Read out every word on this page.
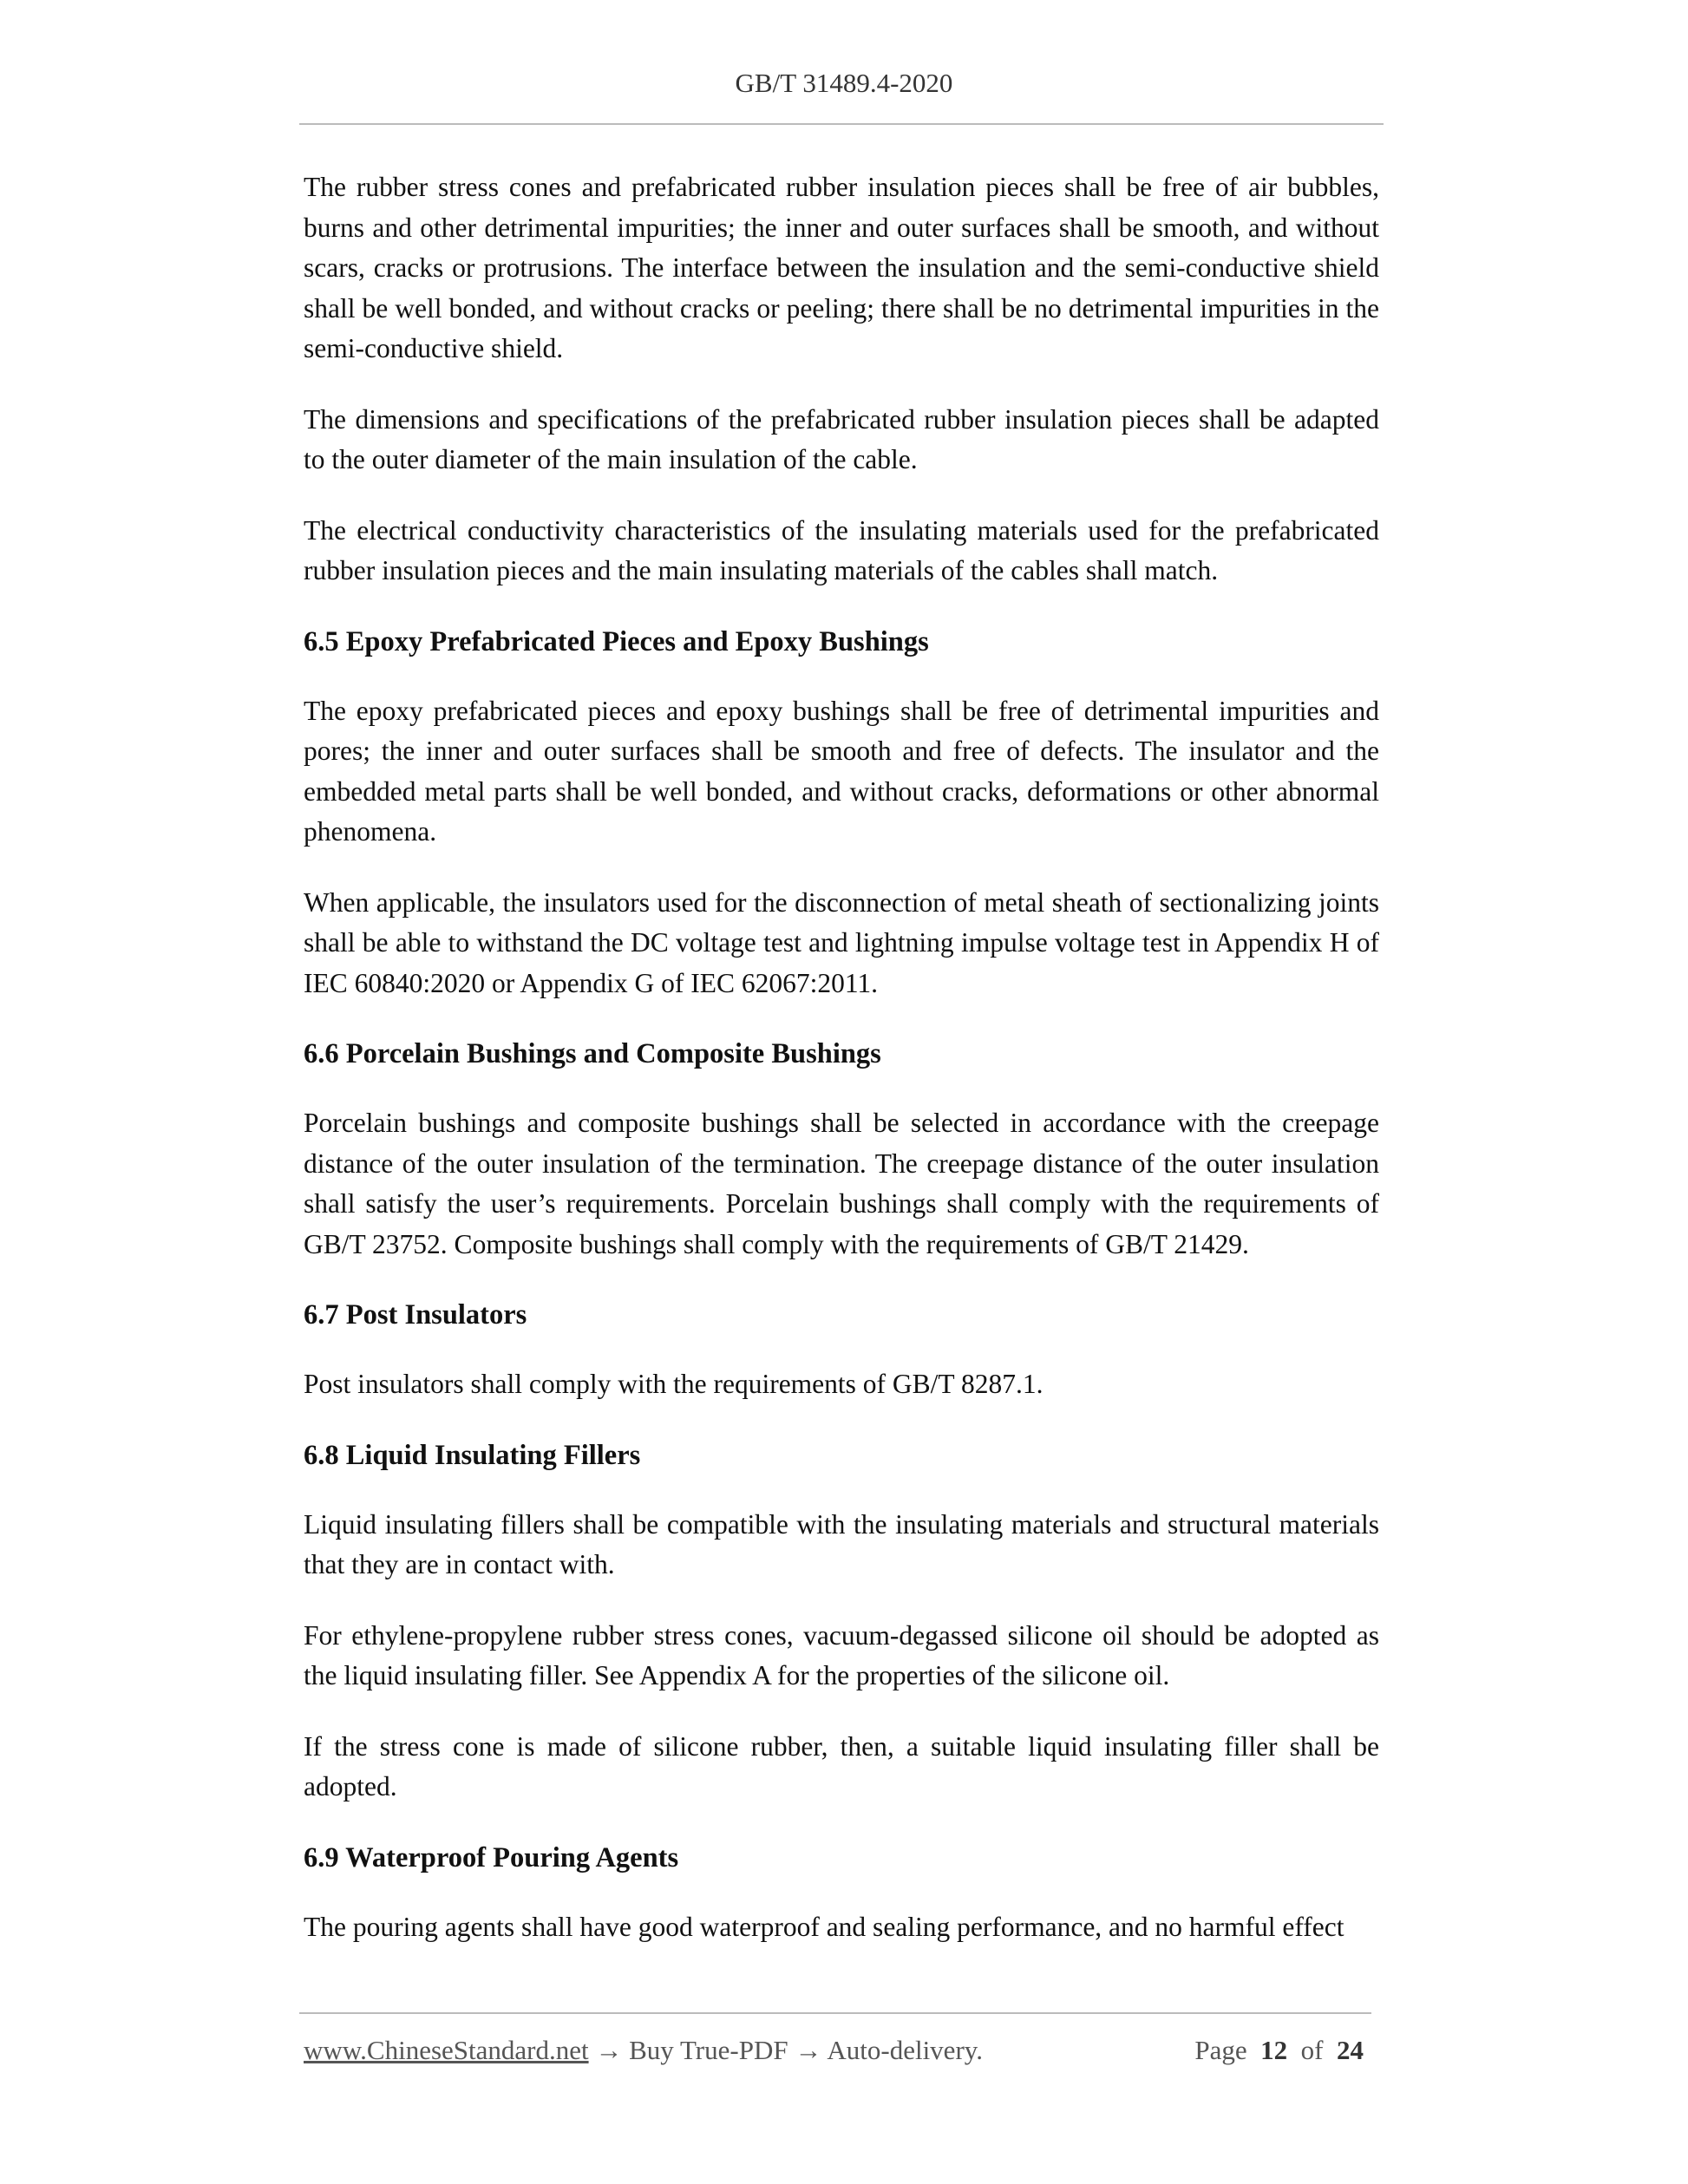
GB/T 31489.4-2020

The rubber stress cones and prefabricated rubber insulation pieces shall be free of air bubbles, burns and other detrimental impurities; the inner and outer surfaces shall be smooth, and without scars, cracks or protrusions. The interface between the insulation and the semi-conductive shield shall be well bonded, and without cracks or peeling; there shall be no detrimental impurities in the semi-conductive shield.

The dimensions and specifications of the prefabricated rubber insulation pieces shall be adapted to the outer diameter of the main insulation of the cable.

The electrical conductivity characteristics of the insulating materials used for the prefabricated rubber insulation pieces and the main insulating materials of the cables shall match.

6.5 Epoxy Prefabricated Pieces and Epoxy Bushings

The epoxy prefabricated pieces and epoxy bushings shall be free of detrimental impurities and pores; the inner and outer surfaces shall be smooth and free of defects. The insulator and the embedded metal parts shall be well bonded, and without cracks, deformations or other abnormal phenomena.

When applicable, the insulators used for the disconnection of metal sheath of sectionalizing joints shall be able to withstand the DC voltage test and lightning impulse voltage test in Appendix H of IEC 60840:2020 or Appendix G of IEC 62067:2011.

6.6 Porcelain Bushings and Composite Bushings

Porcelain bushings and composite bushings shall be selected in accordance with the creepage distance of the outer insulation of the termination. The creepage distance of the outer insulation shall satisfy the user’s requirements. Porcelain bushings shall comply with the requirements of GB/T 23752. Composite bushings shall comply with the requirements of GB/T 21429.

6.7 Post Insulators

Post insulators shall comply with the requirements of GB/T 8287.1.

6.8 Liquid Insulating Fillers

Liquid insulating fillers shall be compatible with the insulating materials and structural materials that they are in contact with.

For ethylene-propylene rubber stress cones, vacuum-degassed silicone oil should be adopted as the liquid insulating filler. See Appendix A for the properties of the silicone oil.

If the stress cone is made of silicone rubber, then, a suitable liquid insulating filler shall be adopted.

6.9 Waterproof Pouring Agents

The pouring agents shall have good waterproof and sealing performance, and no harmful effect

www.ChineseStandard.net → Buy True-PDF → Auto-delivery.	Page 12 of 24
